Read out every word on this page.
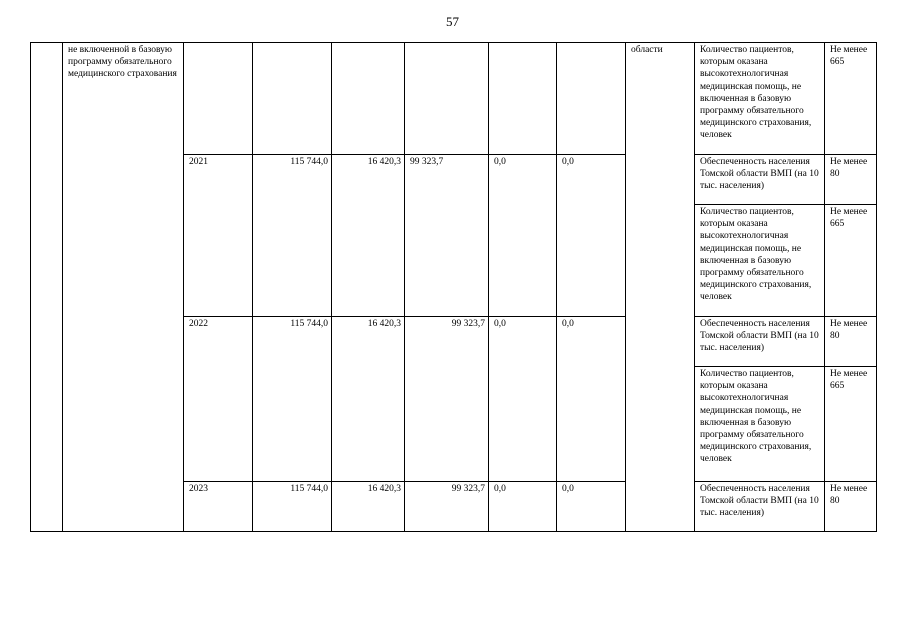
57
	не включенной в базовую программу обязательного медицинского страхования							области	Количество пациентов, которым оказана высокотехнологичная медицинская помощь, не включенная в базовую программу обязательного медицинского страхования, человек	Не менее 665
		2021	115 744,0	16 420,3	99 323,7	0,0	0,0		Обеспеченность населения Томской области ВМП (на 10 тыс. населения)	Не менее 80
									Количество пациентов, которым оказана высокотехнологичная медицинская помощь, не включенная в базовую программу обязательного медицинского страхования, человек	Не менее 665
		2022	115 744,0	16 420,3	99 323,7	0,0	0,0		Обеспеченность населения Томской области ВМП (на 10 тыс. населения)	Не менее 80
									Количество пациентов, которым оказана высокотехнологичная медицинская помощь, не включенная в базовую программу обязательного медицинского страхования, человек	Не менее 665
		2023	115 744,0	16 420,3	99 323,7	0,0	0,0		Обеспеченность населения Томской области ВМП (на 10 тыс. населения)	Не менее 80
